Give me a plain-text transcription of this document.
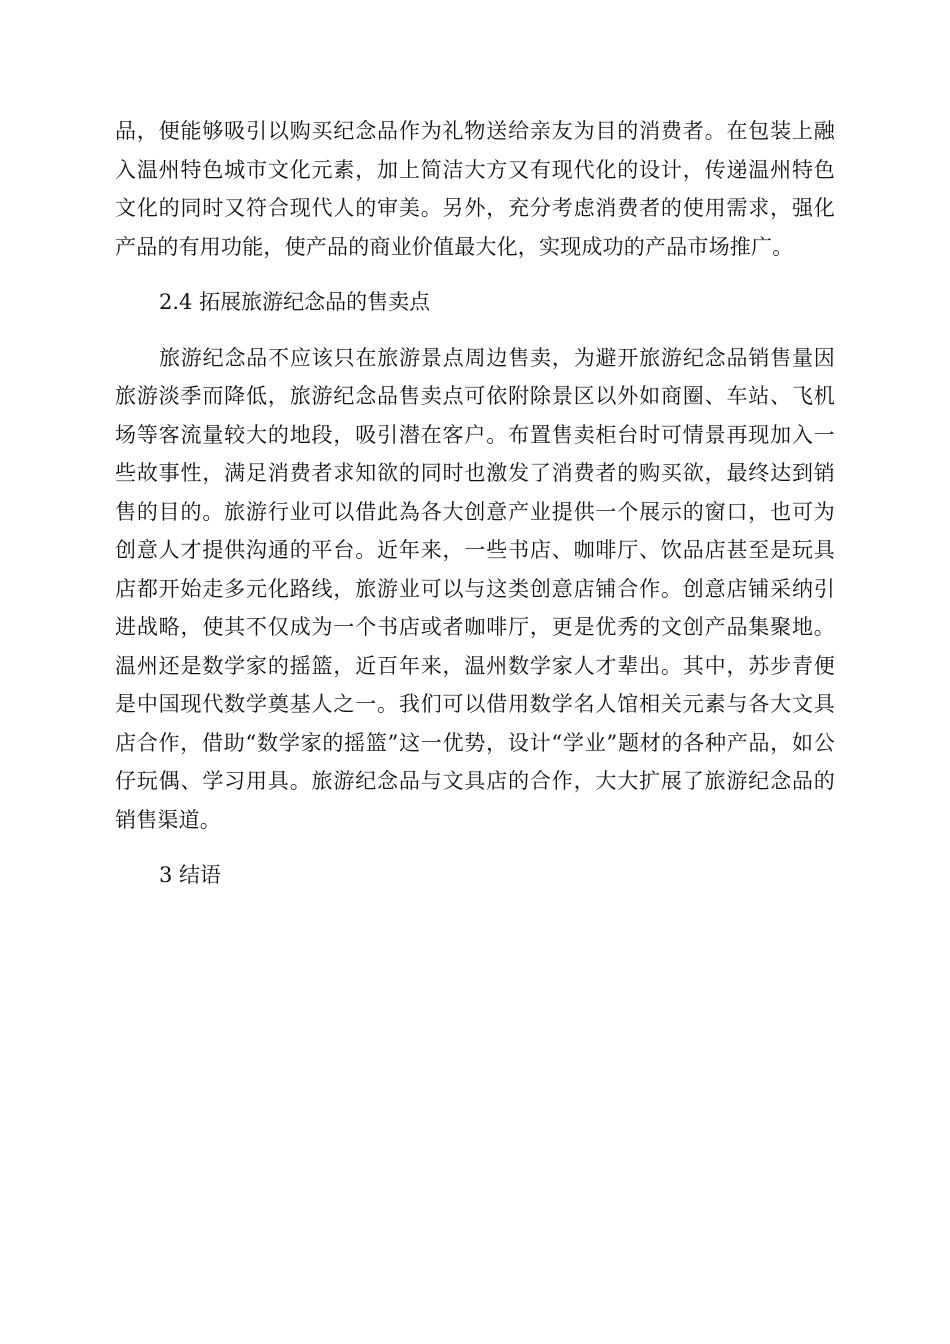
品，便能够吸引以购买纪念品作为礼物送给亲友为目的消费者。在包装上融入温州特色城市文化元素，加上简洁大方又有现代化的设计，传递温州特色文化的同时又符合现代人的审美。另外，充分考虑消费者的使用需求，强化产品的有用功能，使产品的商业价值最大化，实现成功的产品市场推广。

2.4 拓展旅游纪念品的售卖点

旅游纪念品不应该只在旅游景点周边售卖，为避开旅游纪念品销售量因旅游淡季而降低，旅游纪念品售卖点可依附除景区以外如商圈、车站、飞机场等客流量较大的地段，吸引潜在客户。布置售卖柜台时可情景再现加入一些故事性，满足消费者求知欲的同时也激发了消费者的购买欲，最终达到销售的目的。旅游行业可以借此為各大创意产业提供一个展示的窗口，也可为创意人才提供沟通的平台。近年来，一些书店、咖啡厅、饮品店甚至是玩具店都开始走多元化路线，旅游业可以与这类创意店铺合作。创意店铺采纳引进战略，使其不仅成为一个书店或者咖啡厅，更是优秀的文创产品集聚地。温州还是数学家的摇篮，近百年来，温州数学家人才辈出。其中，苏步青便是中国现代数学奠基人之一。我们可以借用数学名人馆相关元素与各大文具店合作，借助“数学家的摇篮”这一优势，设计“学业”题材的各种产品，如公仔玩偶、学习用具。旅游纪念品与文具店的合作，大大扩展了旅游纪念品的销售渠道。

3 结语
